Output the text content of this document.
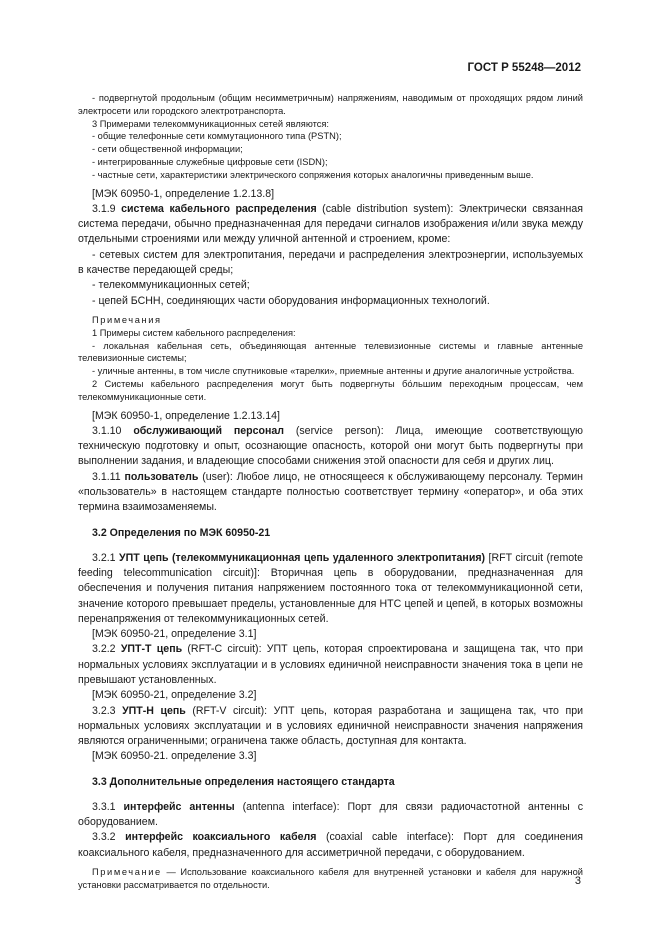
ГОСТ Р 55248—2012

- подвергнутой продольным (общим несимметричным) напряжениям, наводимым от проходящих рядом линий электросети или городского электротранспорта.

3 Примерами телекоммуникационных сетей являются:

- общие телефонные сети коммутационного типа (PSTN);

- сети общественной информации;

- интегрированные служебные цифровые сети (ISDN);

- частные сети, характеристики электрического сопряжения которых аналогичны приведенным выше.

[МЭК 60950-1, определение 1.2.13.8]

3.1.9 система кабельного распределения (cable distribution system): Электрически связанная система передачи, обычно предназначенная для передачи сигналов изображения и/или звука между отдельными строениями или между уличной антенной и строением, кроме:

- сетевых систем для электропитания, передачи и распределения электроэнергии, используемых в качестве передающей среды;

- телекоммуникационных сетей;

- цепей БСНН, соединяющих части оборудования информационных технологий.

Примечания

1 Примеры систем кабельного распределения:

- локальная кабельная сеть, объединяющая антенные телевизионные системы и главные антенные телевизионные системы;

- уличные антенны, в том числе спутниковые «тарелки», приемные антенны и другие аналогичные устройства.

2 Системы кабельного распределения могут быть подвергнуты бо́льшим переходным процессам, чем телекоммуникационные сети.

[МЭК 60950-1, определение 1.2.13.14]

3.1.10 обслуживающий персонал (service person): Лица, имеющие соответствующую техническую подготовку и опыт, осознающие опасность, которой они могут быть подвергнуты при выполнении задания, и владеющие способами снижения этой опасности для себя и других лиц.

3.1.11 пользователь (user): Любое лицо, не относящееся к обслуживающему персоналу. Термин «пользователь» в настоящем стандарте полностью соответствует термину «оператор», и оба этих термина взаимозаменяемы.

3.2 Определения по МЭК 60950-21

3.2.1 УПТ цепь (телекоммуникационная цепь удаленного электропитания) [RFT circuit (remote feeding telecommunication circuit)]: Вторичная цепь в оборудовании, предназначенная для обеспечения и получения питания напряжением постоянного тока от телекоммуникационной сети, значение которого превышает пределы, установленные для НТС цепей и цепей, в которых возможны перенапряжения от телекоммуникационных сетей.

[МЭК 60950-21, определение 3.1]

3.2.2 УПТ-Т цепь (RFT-C circuit): УПТ цепь, которая спроектирована и защищена так, что при нормальных условиях эксплуатации и в условиях единичной неисправности значения тока в цепи не превышают установленных.

[МЭК 60950-21, определение 3.2]

3.2.3 УПТ-Н цепь (RFT-V circuit): УПТ цепь, которая разработана и защищена так, что при нормальных условиях эксплуатации и в условиях единичной неисправности значения напряжения являются ограниченными; ограничена также область, доступная для контакта.

[МЭК 60950-21. определение 3.3]

3.3 Дополнительные определения настоящего стандарта

3.3.1 интерфейс антенны (antenna interface): Порт для связи радиочастотной антенны с оборудованием.

3.3.2 интерфейс коаксиального кабеля (coaxial cable interface): Порт для соединения коаксиального кабеля, предназначенного для ассиметричной передачи, с оборудованием.

Примечание — Использование коаксиального кабеля для внутренней установки и кабеля для наружной установки рассматривается по отдельности.	3
